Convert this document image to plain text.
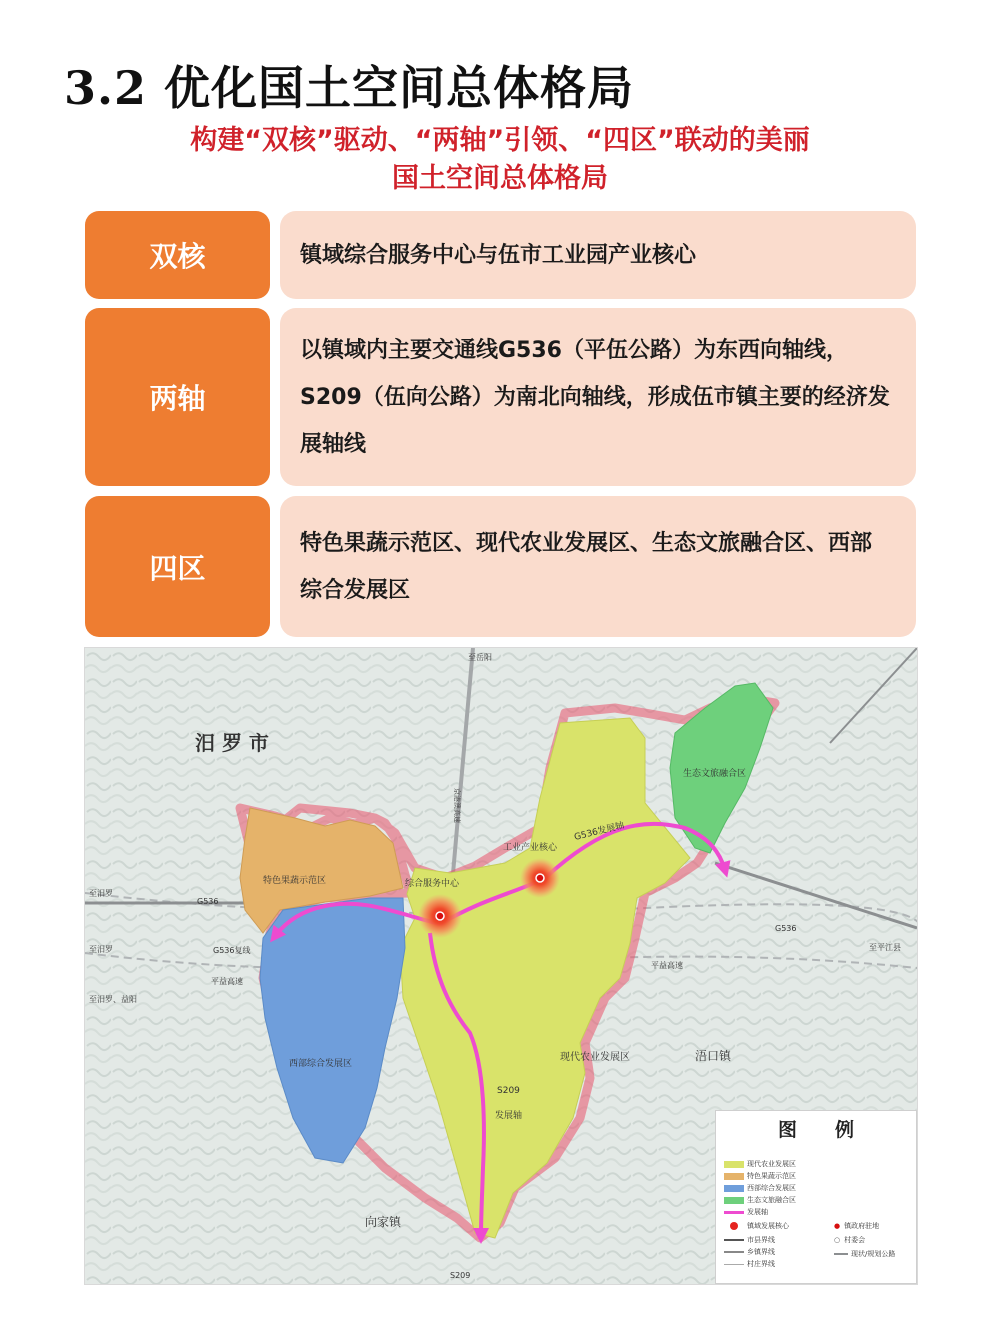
3.2 优化国土空间总体格局
构建“双核”驱动、“两轴”引领、“四区”联动的美丽
国土空间总体格局
双核	镇域综合服务中心与伍市工业园产业核心
两轴
以镇域内主要交通线G536（平伍公路）为东西向轴线，S209（伍向公路）为南北向轴线，形成伍市镇主要的经济发展轴线
四区
特色果蔬示范区、现代农业发展区、生态文旅融合区、西部综合发展区
汨 罗 市
现代农业发展区
特色果蔬示范区
西部综合发展区
生态文旅融合区
综合服务中心
工业产业核心
G536发展轴
S209
发展轴
G536
G536
G536复线
平益高速
平益高速
京港澳高速
S209
至岳阳
至汨罗
至汨罗
至汨罗、益阳
至平江县
浯口镇
向家镇
图例
现代农业发展区
特色果蔬示范区
西部综合发展区
生态文旅融合区
发展轴
镇域发展核心
市县界线
乡镇界线
村庄界线
● 镇政府驻地
○ 村委会
现状/规划公路
